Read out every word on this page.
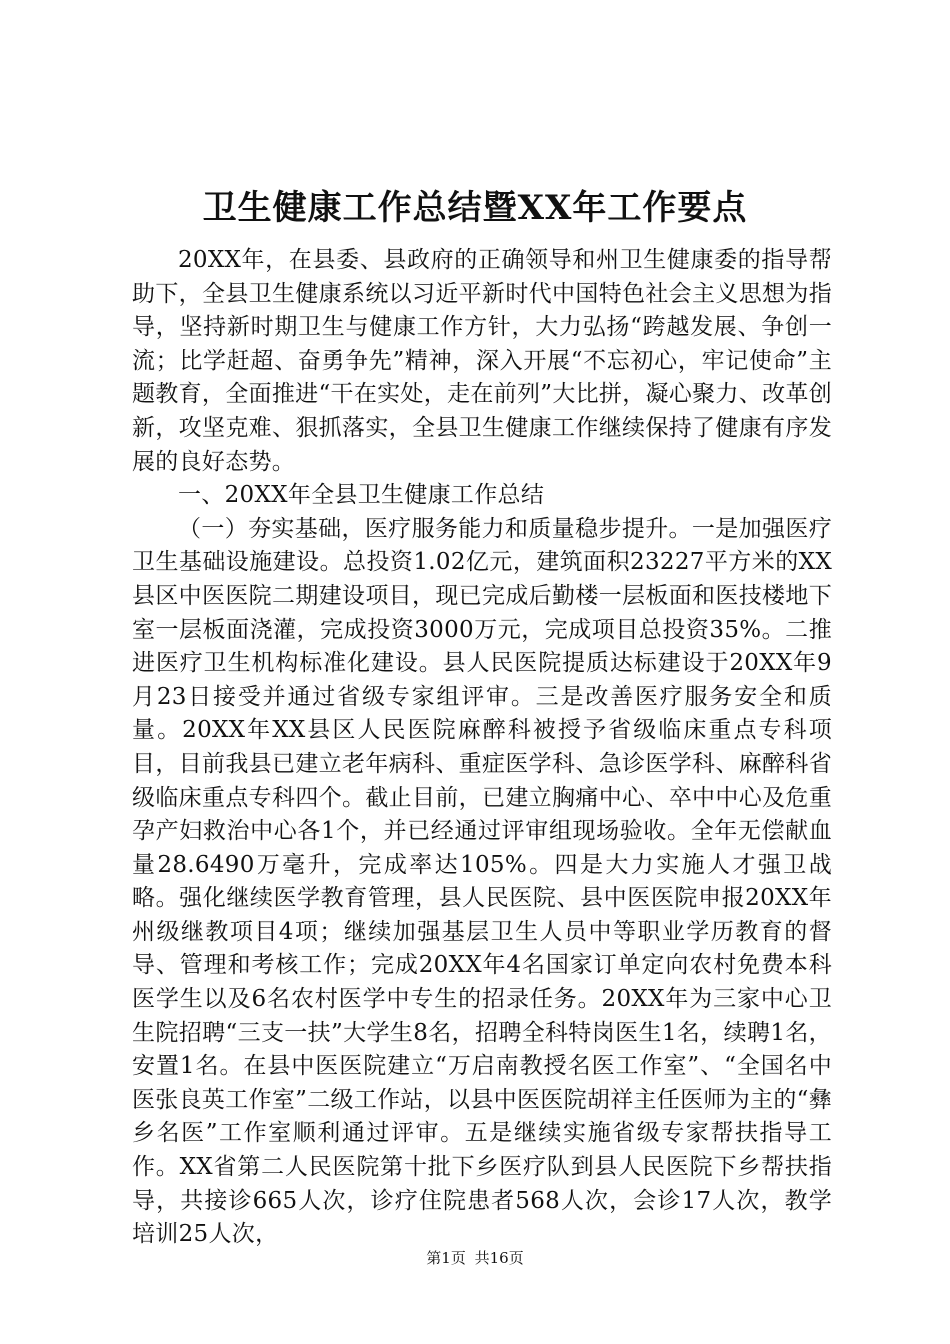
卫生健康工作总结暨XX年工作要点

20XX年，在县委、县政府的正确领导和州卫生健康委的指导帮助下，全县卫生健康系统以习近平新时代中国特色社会主义思想为指导，坚持新时期卫生与健康工作方针，大力弘扬“跨越发展、争创一流；比学赶超、奋勇争先”精神，深入开展“不忘初心，牢记使命”主题教育，全面推进“干在实处，走在前列”大比拼，凝心聚力、改革创新，攻坚克难、狠抓落实，全县卫生健康工作继续保持了健康有序发展的良好态势。

一、20XX年全县卫生健康工作总结

（一）夯实基础，医疗服务能力和质量稳步提升。一是加强医疗卫生基础设施建设。总投资1.02亿元，建筑面积23227平方米的XX县区中医医院二期建设项目，现已完成后勤楼一层板面和医技楼地下室一层板面浇灌，完成投资3000万元，完成项目总投资35%。二推进医疗卫生机构标准化建设。县人民医院提质达标建设于20XX年9月23日接受并通过省级专家组评审。三是改善医疗服务安全和质量。20XX年XX县区人民医院麻醉科被授予省级临床重点专科项目，目前我县已建立老年病科、重症医学科、急诊医学科、麻醉科省级临床重点专科四个。截止目前，已建立胸痛中心、卒中中心及危重孕产妇救治中心各1个，并已经通过评审组现场验收。全年无偿献血量28.6490万毫升，完成率达105%。四是大力实施人才强卫战略。强化继续医学教育管理，县人民医院、县中医医院申报20XX年州级继教项目4项；继续加强基层卫生人员中等职业学历教育的督导、管理和考核工作；完成20XX年4名国家订单定向农村免费本科医学生以及6名农村医学中专生的招录任务。20XX年为三家中心卫生院招聘“三支一扶”大学生8名，招聘全科特岗医生1名，续聘1名，安置1名。在县中医医院建立“万启南教授名医工作室”、“全国名中医张良英工作室”二级工作站，以县中医医院胡祥主任医师为主的“彝乡名医”工作室顺利通过评审。五是继续实施省级专家帮扶指导工作。XX省第二人民医院第十批下乡医疗队到县人民医院下乡帮扶指导，共接诊665人次，诊疗住院患者568人次，会诊17人次，教学培训25人次，

第1页 共16页
